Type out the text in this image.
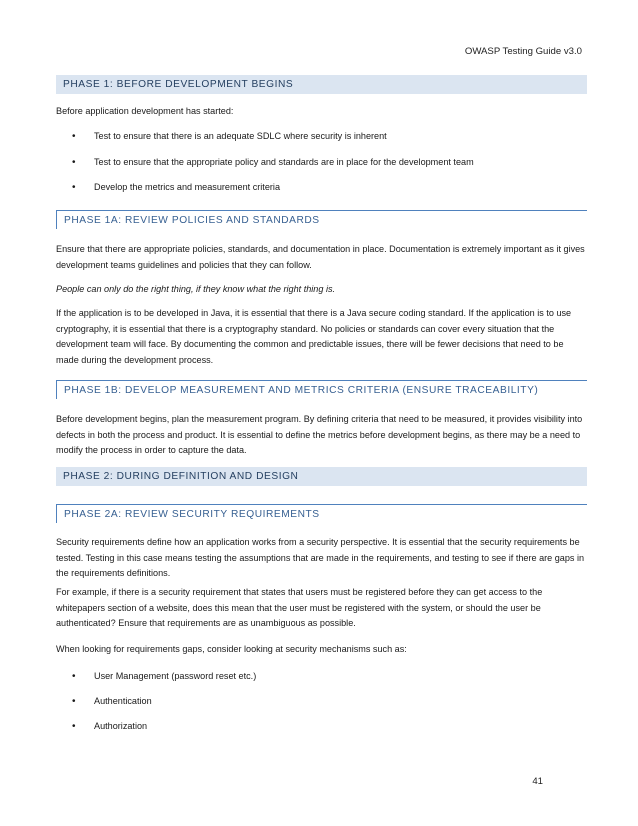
OWASP Testing Guide v3.0
PHASE 1: BEFORE DEVELOPMENT BEGINS

Before application development has started:

•	Test to ensure that there is an adequate SDLC where security is inherent
•	Test to ensure that the appropriate policy and standards are in place for the development team
•	Develop the metrics and measurement criteria
PHASE 1A: REVIEW POLICIES AND STANDARDS

Ensure that there are appropriate policies, standards, and documentation in place. Documentation is extremely important as it gives development teams guidelines and policies that they can follow.

People can only do the right thing, if they know what the right thing is.

If the application is to be developed in Java, it is essential that there is a Java secure coding standard. If the application is to use cryptography, it is essential that there is a cryptography standard. No policies or standards can cover every situation that the development team will face. By documenting the common and predictable issues, there will be fewer decisions that need to be made during the development process.

PHASE 1B: DEVELOP MEASUREMENT AND METRICS CRITERIA (ENSURE TRACEABILITY)

Before development begins, plan the measurement program. By defining criteria that need to be measured, it provides visibility into defects in both the process and product. It is essential to define the metrics before development begins, as there may be a need to modify the process in order to capture the data.

PHASE 2: DURING DEFINITION AND DESIGN
PHASE 2A: REVIEW SECURITY REQUIREMENTS

Security requirements define how an application works from a security perspective. It is essential that the security requirements be tested. Testing in this case means testing the assumptions that are made in the requirements, and testing to see if there are gaps in the requirements definitions.

For example, if there is a security requirement that states that users must be registered before they can get access to the whitepapers section of a website, does this mean that the user must be registered with the system, or should the user be authenticated? Ensure that requirements are as unambiguous as possible.

When looking for requirements gaps, consider looking at security mechanisms such as:

•	User Management (password reset etc.)
•	Authentication
•	Authorization
41
